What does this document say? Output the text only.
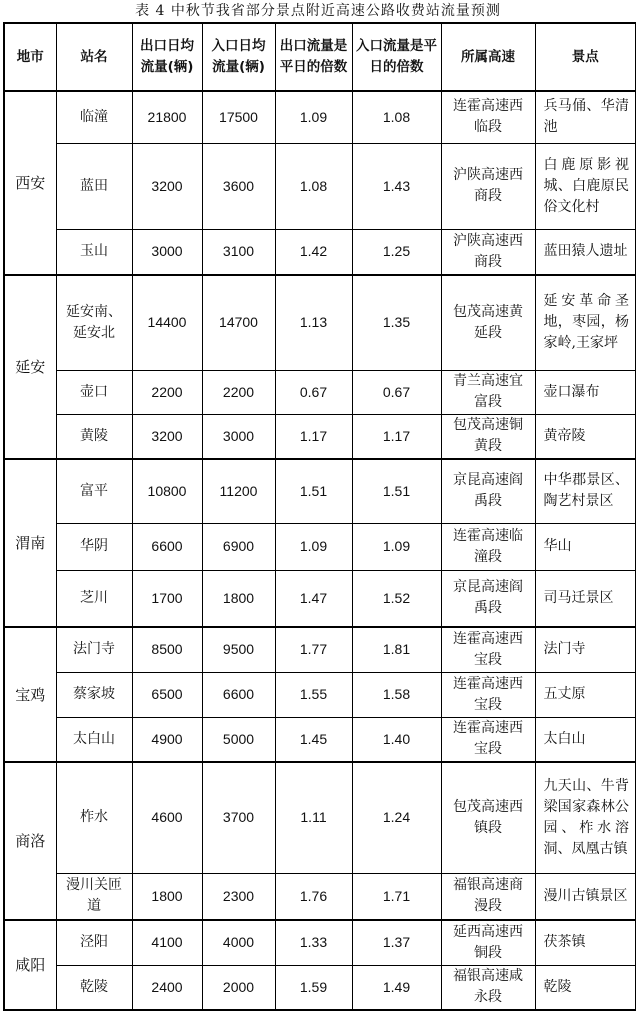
表 4 中秋节我省部分景点附近高速公路收费站流量预测
地市	站名	出口日均流量(辆)	入口日均流量(辆)	出口流量是平日的倍数	入口流量是平日的倍数	所属高速	景点
西安	临潼	21800	17500	1.09	1.08	连霍高速西临段	兵马俑、华清池
	蓝田	3200	3600	1.08	1.43	沪陕高速西商段	白鹿原影视城、白鹿原民俗文化村
	玉山	3000	3100	1.42	1.25	沪陕高速西商段	蓝田猿人遗址
延安	延安南、延安北	14400	14700	1.13	1.35	包茂高速黄延段	延安革命圣地，枣园，杨家岭,王家坪
	壶口	2200	2200	0.67	0.67	青兰高速宜富段	壶口瀑布
	黄陵	3200	3000	1.17	1.17	包茂高速铜黄段	黄帝陵
渭南	富平	10800	11200	1.51	1.51	京昆高速阎禹段	中华郡景区、陶艺村景区
	华阴	6600	6900	1.09	1.09	连霍高速临潼段	华山
	芝川	1700	1800	1.47	1.52	京昆高速阎禹段	司马迁景区
宝鸡	法门寺	8500	9500	1.77	1.81	连霍高速西宝段	法门寺
	蔡家坡	6500	6600	1.55	1.58	连霍高速西宝段	五丈原
	太白山	4900	5000	1.45	1.40	连霍高速西宝段	太白山
商洛	柞水	4600	3700	1.11	1.24	包茂高速西镇段	九天山、牛背梁国家森林公园、柞水溶洞、凤凰古镇
	漫川关匝道	1800	2300	1.76	1.71	福银高速商漫段	漫川古镇景区
咸阳	泾阳	4100	4000	1.33	1.37	延西高速西铜段	茯茶镇
	乾陵	2400	2000	1.59	1.49	福银高速咸永段	乾陵
